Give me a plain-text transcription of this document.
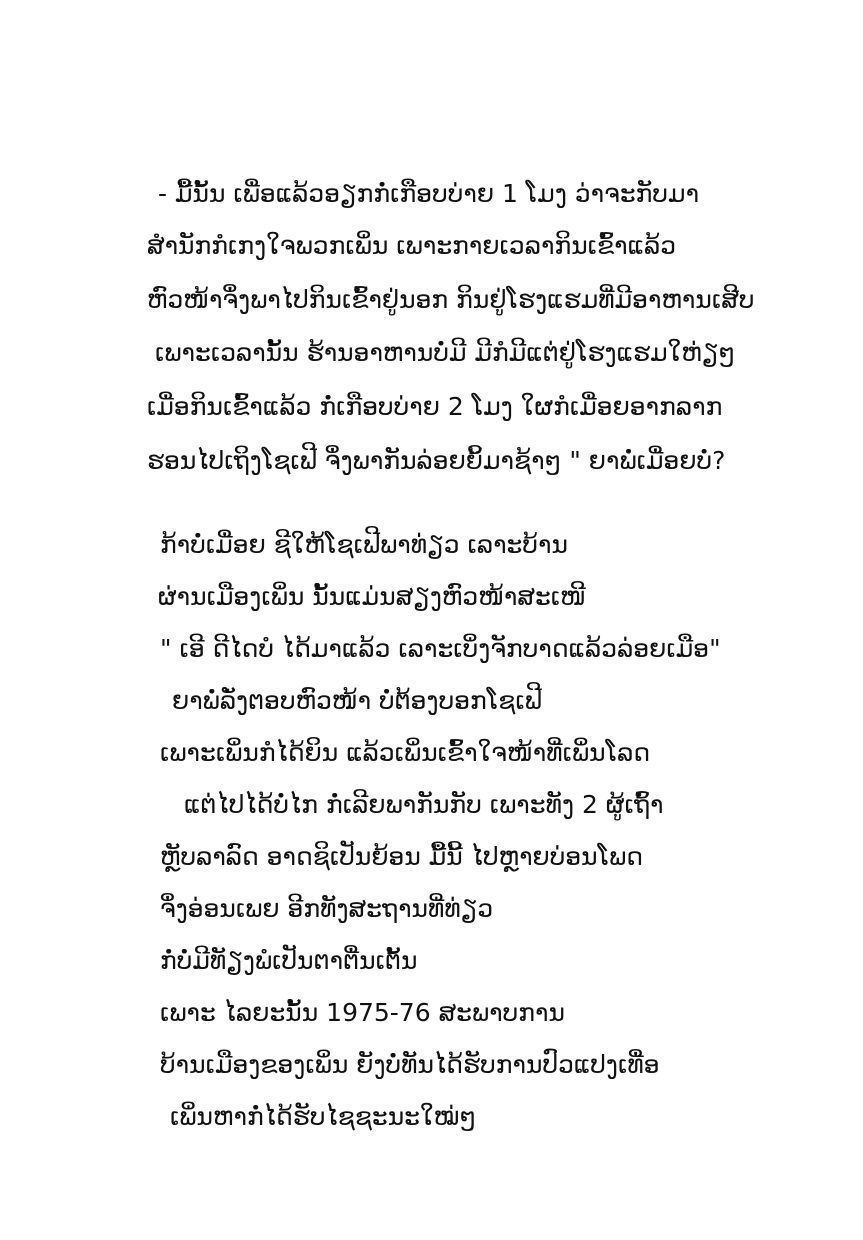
- ມື້ນັ້ນ ເພື່ອແລ້ວອຽກກໍ່ເກືອບບ່າຍ 1 ໂມງ ວ່າຈະກັບມາ
ສຳນັກກໍເກງໃຈພວກເພິ່ນ ເພາະກາຍເວລາກິນເຂົ້າແລ້ວ
ຫົວໜ້າຈຶ່ງພາໄປກິນເຂົ້າຢູ່ນອກ ກິນຢູ່ໂຮງແຮມທີ່ມີອາຫານເສີບ
ເພາະເວລານັ້ນ ຮ້ານອາຫານບໍ່ມີ ມີກໍມີແຕ່ຢູ່ໂຮງແຮມໃຫ່ຽໆ
ເມື່ອກິນເຂົ້າແລ້ວ ກໍ່ເກືອບບ່າຍ 2 ໂມງ ໃຜກໍເມື່ອຍອາກລາກ
ຮອນໄປເຖິງໂຊເຟີ ຈຶ່ງພາກັນລ່ອຍຍິ້ມາຊ້າໆ " ຍາພໍ່ເມື່ອຍບໍ່?
ກ້າບໍ່ເມື່ອຍ ຊີໃຫ້ໂຊເຟີພາທ່ຽວ ເລາະບ້ານ
ຜ່ານເມືອງເພິ່ນ ນັ້ນແມ່ນສຽງຫົວໜ້າສະເໜີ
" ເອີ ດີໄດບໍ ໄດ້ມາແລ້ວ ເລາະເບິ່ງຈັກບາດແລ້ວລ່ອຍເມືອ"
ຍາພໍ່ລັ່ງຕອບຫົວໜ້າ ບໍ່ຕ້ອງບອກໂຊເຟີ
ເພາະເພິ່ນກໍໄດ້ຍິນ ແລ້ວເພິ່ນເຂົ້າໃຈໜ້າທີ່ເພິ່ນໂລດ
ແຕ່ໄປໄດ້ບໍ່ໄກ ກໍ່ເລີຍພາກັນກັບ ເພາະທັງ 2 ຜູ້ເຖົ້າ
ຫຼັບລາລົດ ອາດຊິເປັນຍ້ອນ ມື້ນີ້ ໄປຫຼາຍບ່ອນໂພດ
ຈຶ່ງອ່ອນເພຍ ອີກທັງສະຖານທີ່ທ່ຽວ
ກໍ່ບໍ່ມີທັຽງພໍເປັນຕາຕື່ນເຕັ້ນ
ເພາະ ໄລຍະນັ້ນ 1975-76 ສະພາບການ
ບ້ານເມືອງຂອງເພິ່ນ ຍັງບໍ່ທັນໄດ້ຮັບການປົວແປງເທື່ອ
ເພິ່ນຫາກໍ່ໄດ້ຮັບໄຊຊະນະໃໝ່ໆ
